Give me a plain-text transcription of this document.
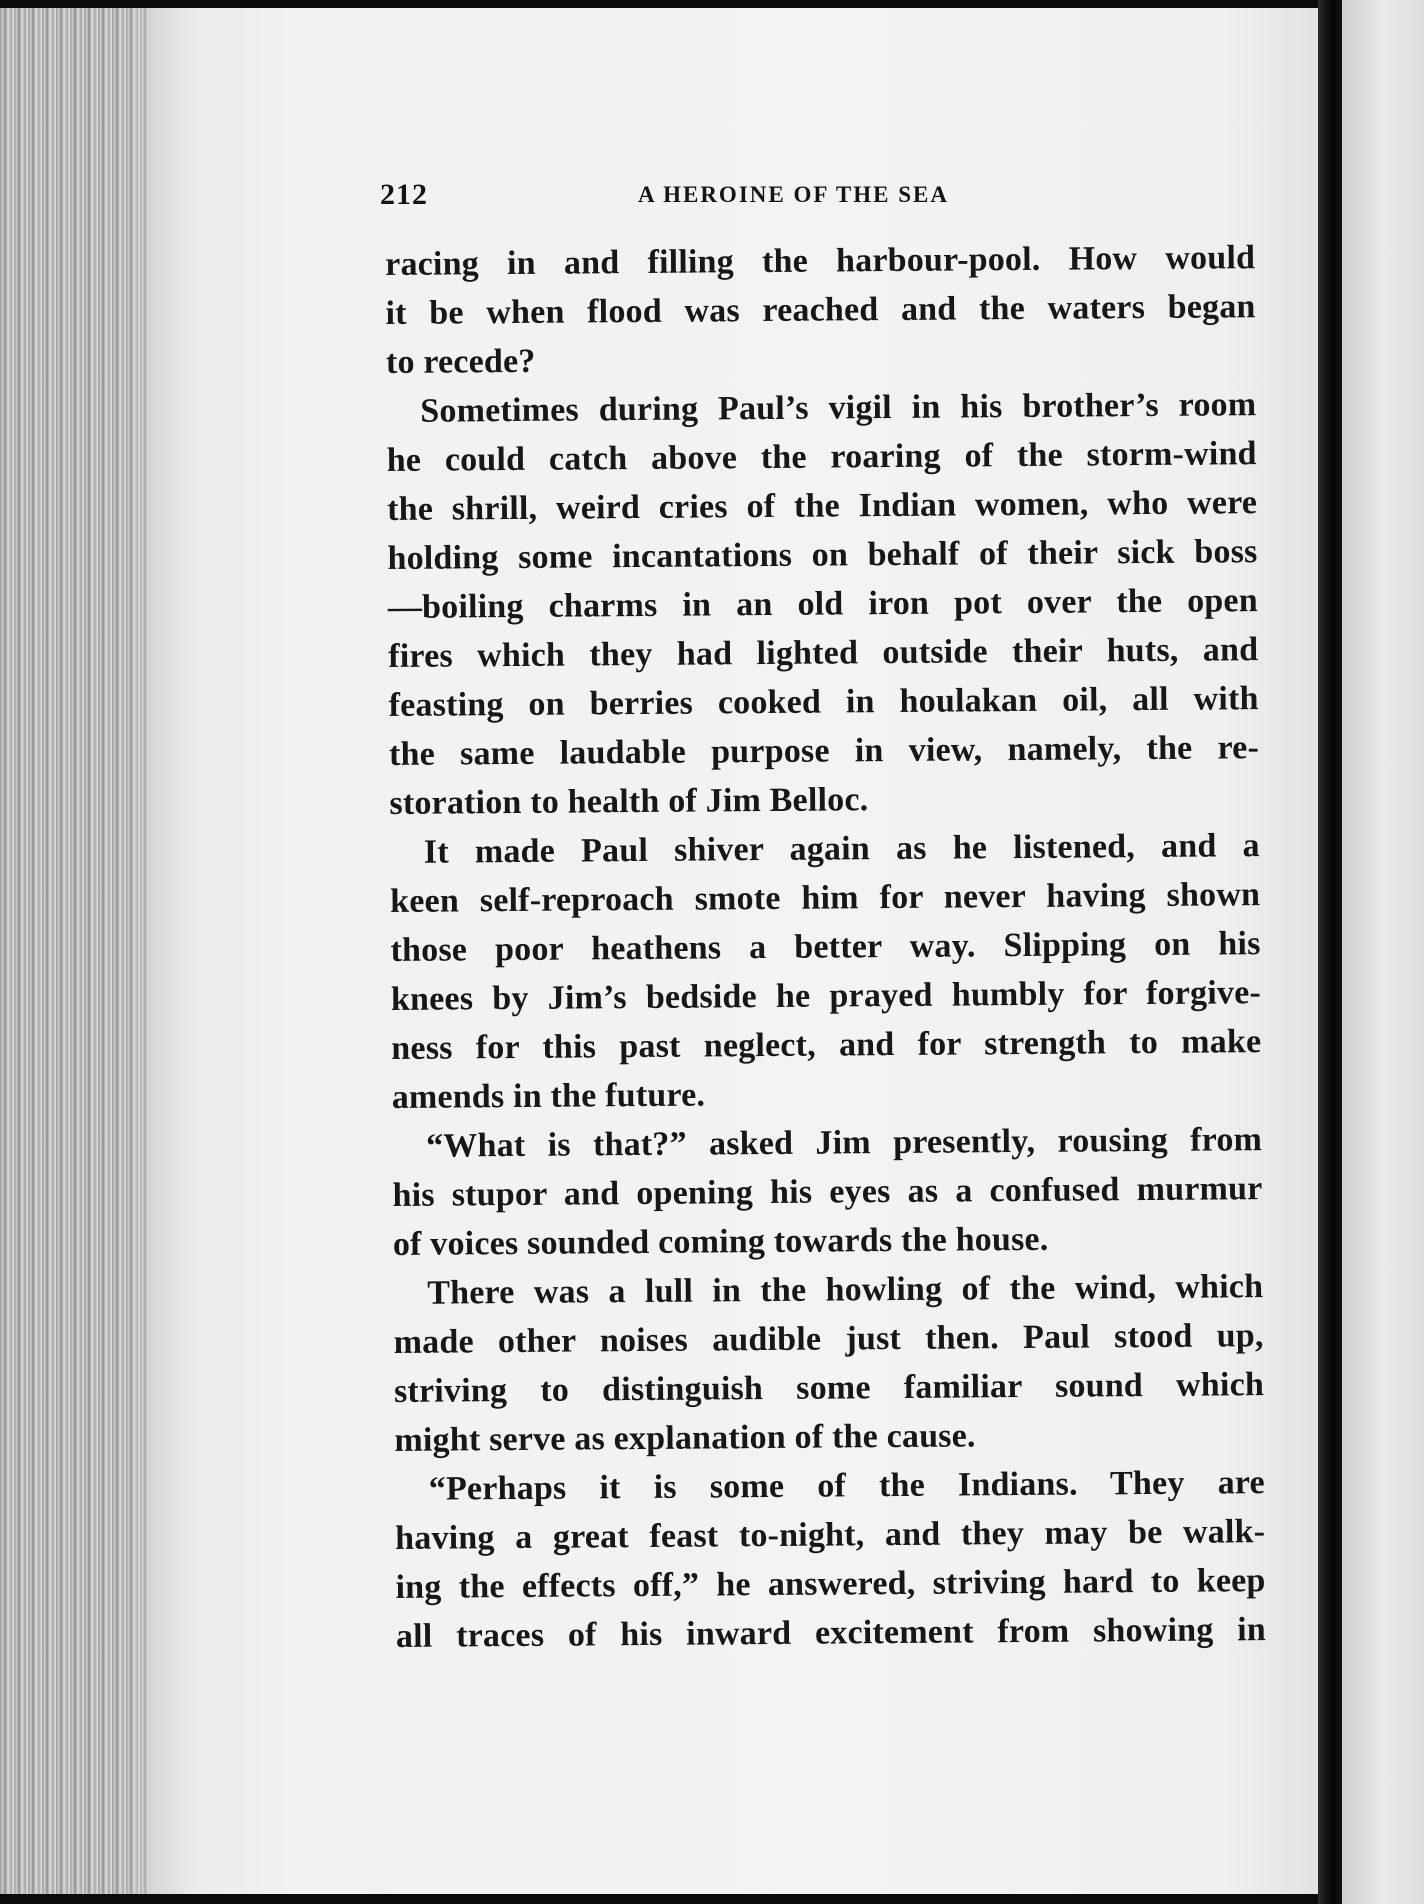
212	A HEROINE OF THE SEA
racing in and filling the harbour-pool. How would
it be when flood was reached and the waters began
to recede?
Sometimes during Paul’s vigil in his brother’s room
he could catch above the roaring of the storm-wind
the shrill, weird cries of the Indian women, who were
holding some incantations on behalf of their sick boss
—boiling charms in an old iron pot over the open
fires which they had lighted outside their huts, and
feasting on berries cooked in houlakan oil, all with
the same laudable purpose in view, namely, the re-
storation to health of Jim Belloc.
It made Paul shiver again as he listened, and a
keen self-reproach smote him for never having shown
those poor heathens a better way. Slipping on his
knees by Jim’s bedside he prayed humbly for forgive-
ness for this past neglect, and for strength to make
amends in the future.
“What is that?” asked Jim presently, rousing from
his stupor and opening his eyes as a confused murmur
of voices sounded coming towards the house.
There was a lull in the howling of the wind, which
made other noises audible just then. Paul stood up,
striving to distinguish some familiar sound which
might serve as explanation of the cause.
“Perhaps it is some of the Indians. They are
having a great feast to-night, and they may be walk-
ing the effects off,” he answered, striving hard to keep
all traces of his inward excitement from showing in
